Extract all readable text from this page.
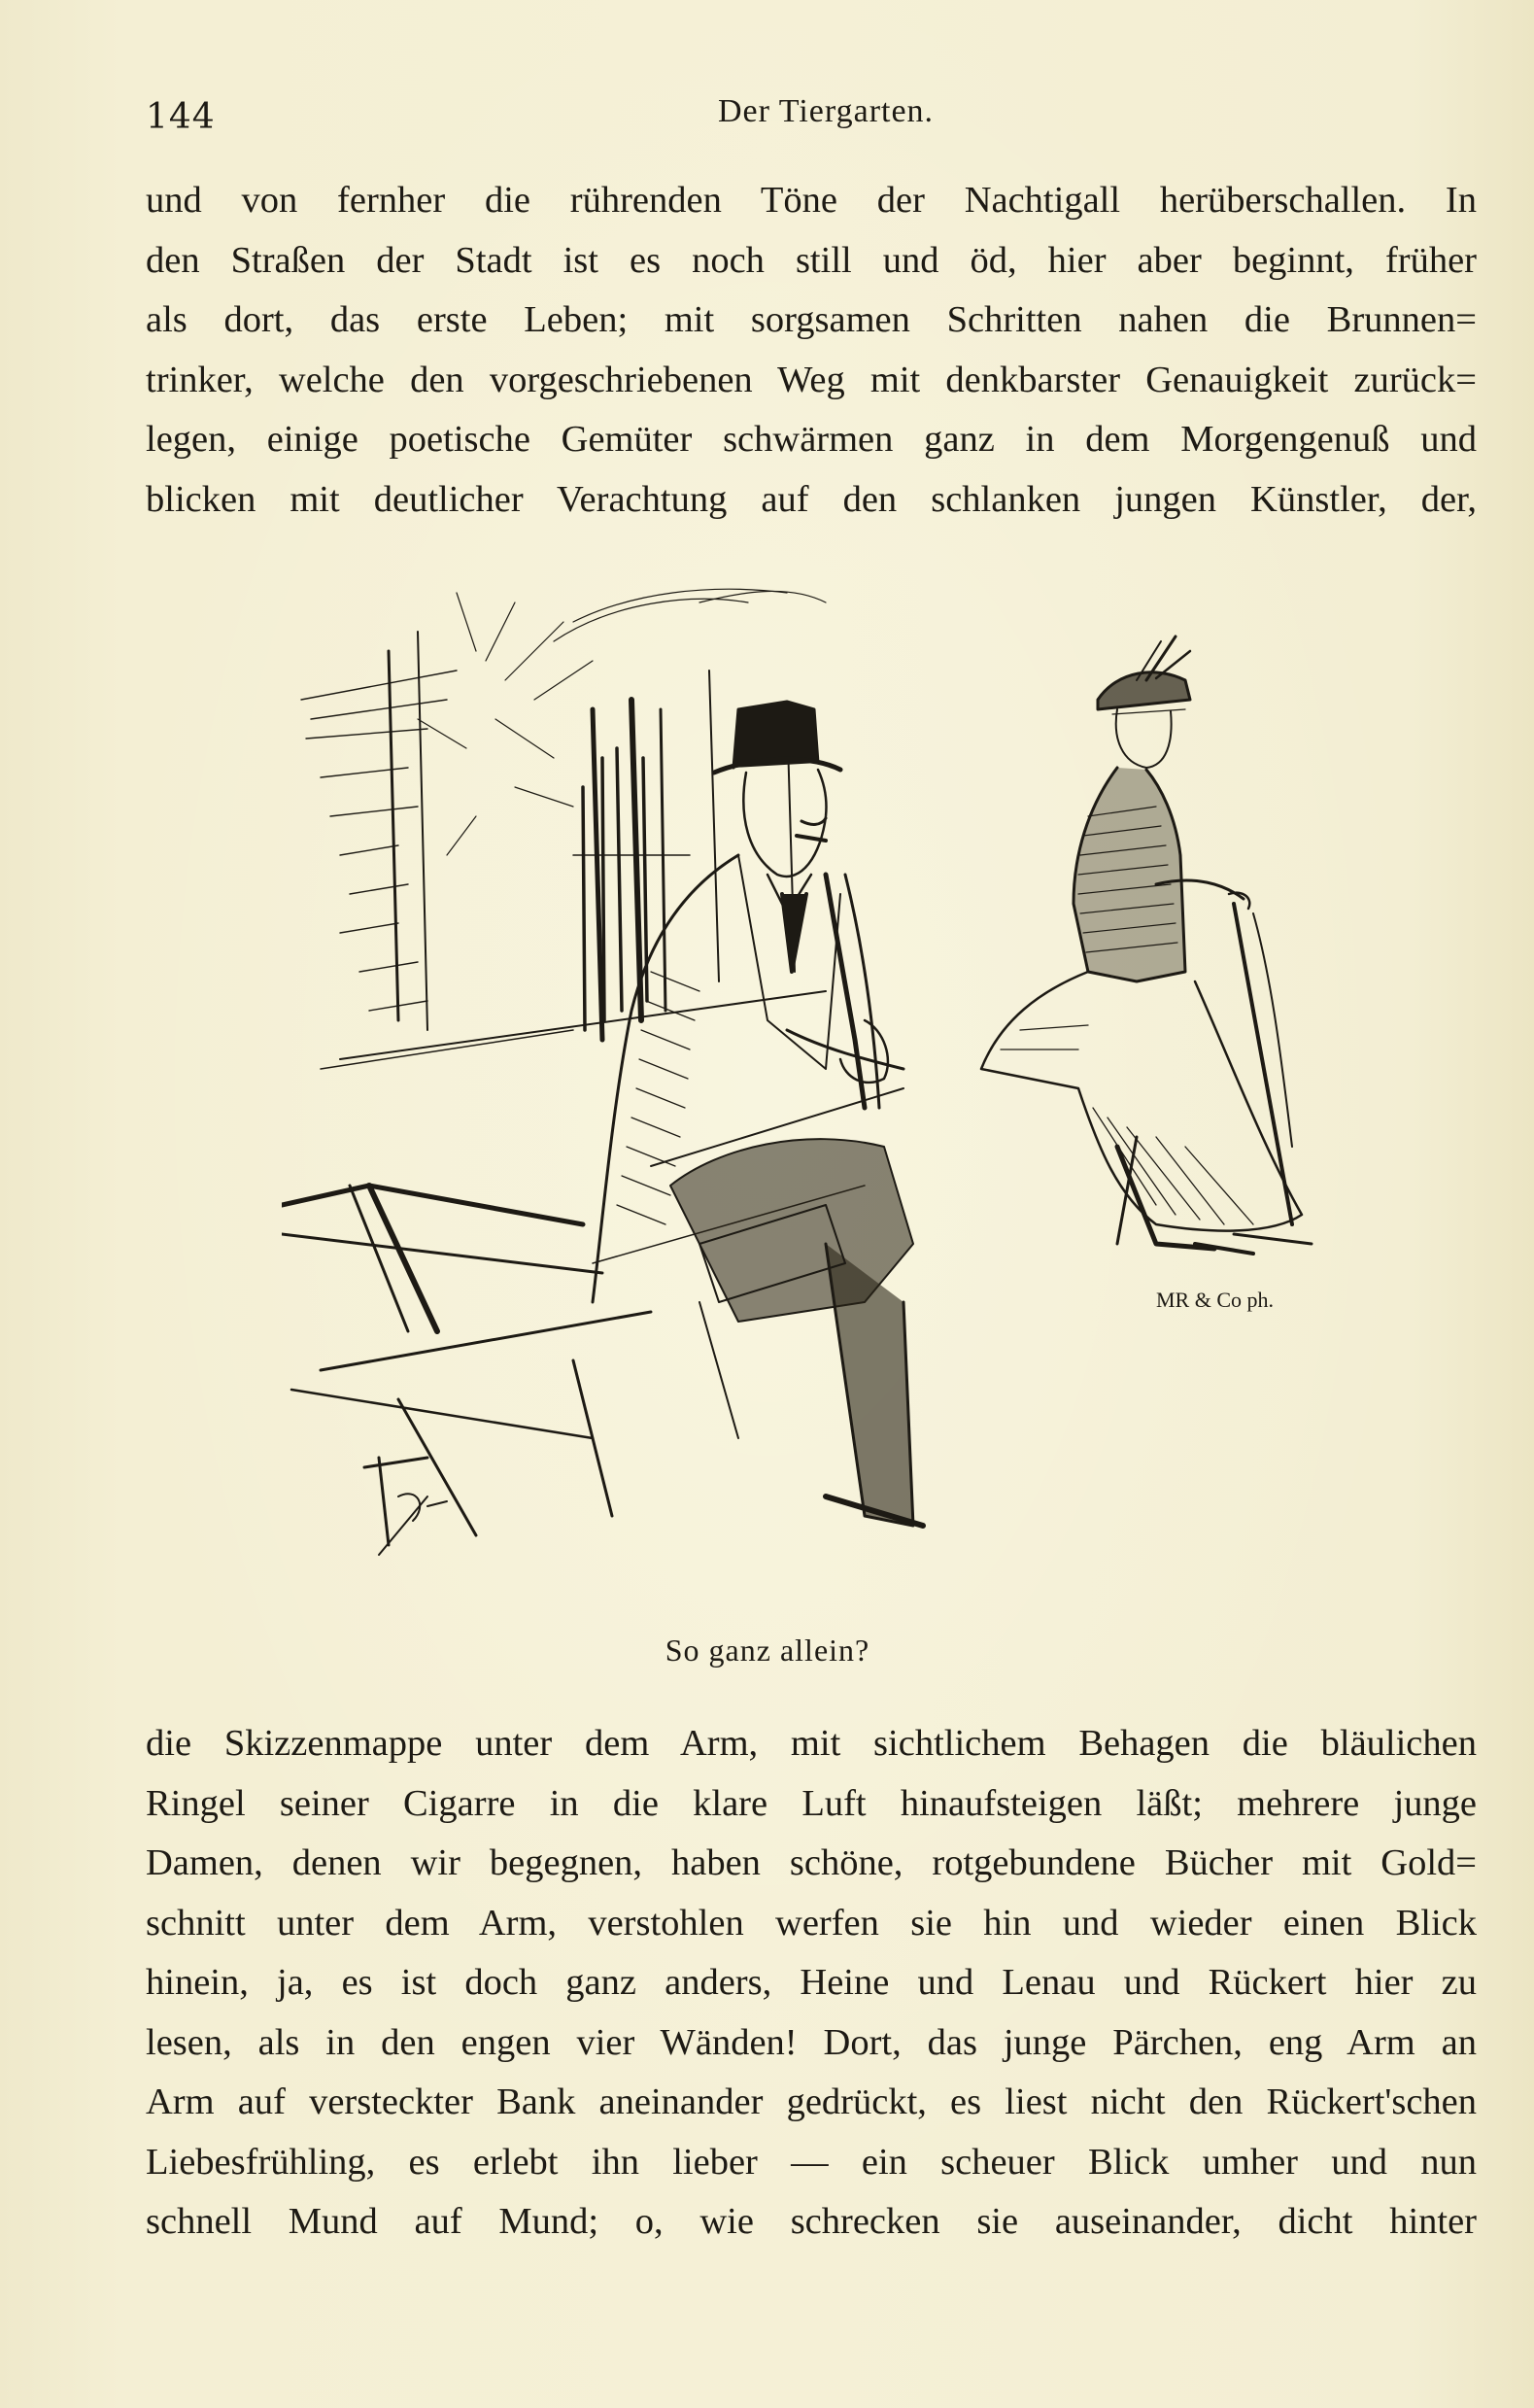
144	Der Tiergarten.

und von fernher die rührenden Töne der Nachtigall herüberschallen. In
den Straßen der Stadt ist es noch still und öd, hier aber beginnt, früher
als dort, das erste Leben; mit sorgsamen Schritten nahen die Brunnen=
trinker, welche den vorgeschriebenen Weg mit denkbarster Genauigkeit zurück=
legen, einige poetische Gemüter schwärmen ganz in dem Morgengenuß und
blicken mit deutlicher Verachtung auf den schlanken jungen Künstler, der,

MR & Co ph.
So ganz allein?

die Skizzenmappe unter dem Arm, mit sichtlichem Behagen die bläulichen
Ringel seiner Cigarre in die klare Luft hinaufsteigen läßt; mehrere junge
Damen, denen wir begegnen, haben schöne, rotgebundene Bücher mit Gold=
schnitt unter dem Arm, verstohlen werfen sie hin und wieder einen Blick
hinein, ja, es ist doch ganz anders, Heine und Lenau und Rückert hier zu
lesen, als in den engen vier Wänden! Dort, das junge Pärchen, eng Arm an
Arm auf versteckter Bank aneinander gedrückt, es liest nicht den Rückert'schen
Liebesfrühling, es erlebt ihn lieber — ein scheuer Blick umher und nun
schnell Mund auf Mund; o, wie schrecken sie auseinander, dicht hinter
